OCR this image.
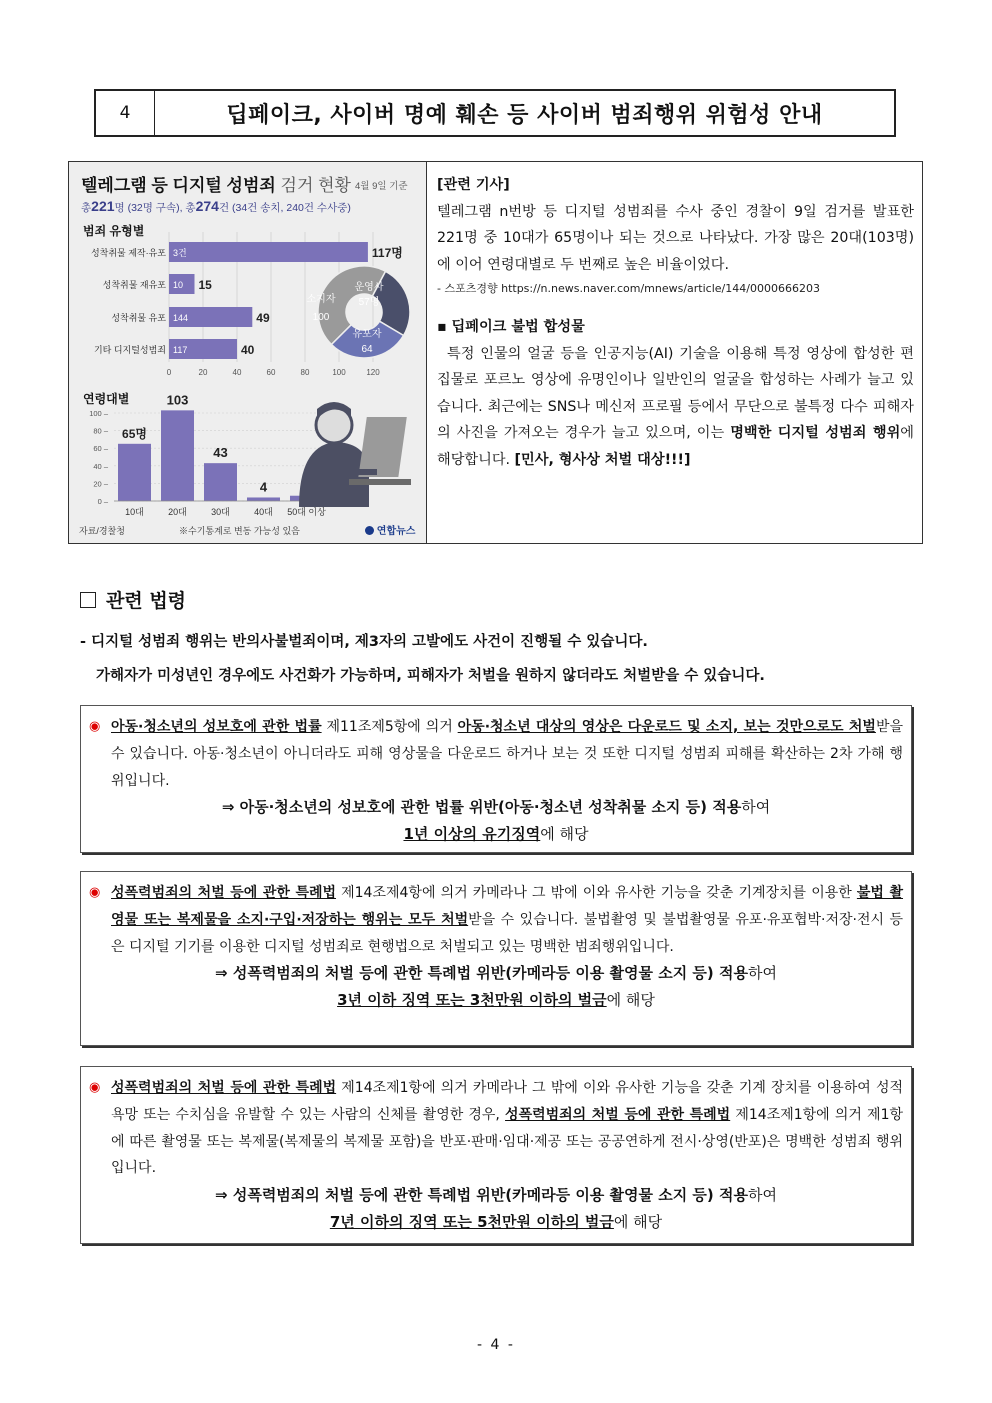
4	딥페이크, 사이버 명예 훼손 등 사이버 범죄행위 위험성 안내
텔레그램 등 디지털 성범죄 검거 현황 4월 9일 기준
총221명 (32명 구속), 총274건 (34건 송치, 240건 수사중)
범죄 유형별
0	20	40	60	80	100	120
성착취물 제작·유포 3건	117명
성착취물 재유포 10 15
성착취물 유포 144	49
기타 디지털성범죄 117	40
소지자
100
운영사
57명
유포자
64
100 –
80 –
60 –
40 –
20 –
0 –
65명
10대
103
20대
43
30대
4
40대 50대 이상
연령대별
자료/경찰청	※수기통계로 변동 가능성 있음	연합뉴스
[관련 기사]
텔레그램 n번방 등 디지털 성범죄를 수사 중인 경찰이 9일 검거를 발표한 221명 중 10대가 65명이나 되는 것으로 나타났다. 가장 많은 20대(103명)에 이어 연령대별로 두 번째로 높은 비율이었다.
- 스포츠경향 https://n.news.naver.com/mnews/article/144/0000666203
▪ 딥페이크 불법 합성물
특정 인물의 얼굴 등을 인공지능(AI) 기술을 이용해 특정 영상에 합성한 편집물로 포르노 영상에 유명인이나 일반인의 얼굴을 합성하는 사례가 늘고 있습니다. 최근에는 SNS나 메신저 프로필 등에서 무단으로 불특정 다수 피해자의 사진을 가져오는 경우가 늘고 있으며, 이는 명백한 디지털 성범죄 행위에 해당합니다. [민사, 형사상 처벌 대상!!!]
관련 법령
- 디지털 성범죄 행위는 반의사불벌죄이며, 제3자의 고발에도 사건이 진행될 수 있습니다.
가해자가 미성년인 경우에도 사건화가 가능하며, 피해자가 처벌을 원하지 않더라도 처벌받을 수 있습니다.
◉ 아동·청소년의 성보호에 관한 법률 제11조제5항에 의거 아동·청소년 대상의 영상은 다운로드 및 소지, 보는 것만으로도 처벌받을 수 있습니다. 아동·청소년이 아니더라도 피해 영상물을 다운로드 하거나 보는 것 또한 디지털 성범죄 피해를 확산하는 2차 가해 행위입니다.
⇒ 아동·청소년의 성보호에 관한 법률 위반(아동·청소년 성착취물 소지 등) 적용하여
1년 이상의 유기징역에 해당
◉ 성폭력범죄의 처벌 등에 관한 특례법 제14조제4항에 의거 카메라나 그 밖에 이와 유사한 기능을 갖춘 기계장치를 이용한 불법 촬영물 또는 복제물을 소지·구입·저장하는 행위는 모두 처벌받을 수 있습니다. 불법촬영 및 불법촬영물 유포·유포협박·저장·전시 등은 디지털 기기를 이용한 디지털 성범죄로 현행법으로 처벌되고 있는 명백한 범죄행위입니다.
⇒ 성폭력범죄의 처벌 등에 관한 특례법 위반(카메라등 이용 촬영물 소지 등) 적용하여
3년 이하 징역 또는 3천만원 이하의 벌금에 해당
◉ 성폭력범죄의 처벌 등에 관한 특례법 제14조제1항에 의거 카메라나 그 밖에 이와 유사한 기능을 갖춘 기계 장치를 이용하여 성적 욕망 또는 수치심을 유발할 수 있는 사람의 신체를 촬영한 경우, 성폭력범죄의 처벌 등에 관한 특례법 제14조제1항에 의거 제1항에 따른 촬영물 또는 복제물(복제물의 복제물 포함)을 반포·판매·임대·제공 또는 공공연하게 전시·상영(반포)은 명백한 성범죄 행위입니다.
⇒ 성폭력범죄의 처벌 등에 관한 특례법 위반(카메라등 이용 촬영물 소지 등) 적용하여
7년 이하의 징역 또는 5천만원 이하의 벌금에 해당
- 4 -
